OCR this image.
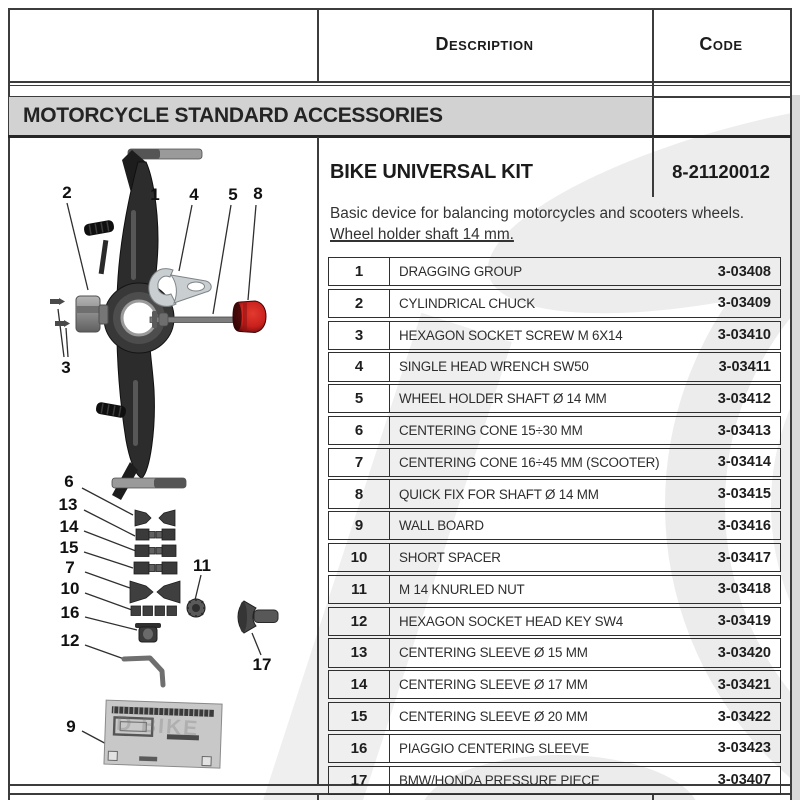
Description	Code
MOTORCYCLE STANDARD ACCESSORIES
BIKE UNIVERSAL KIT	8-21120012
Basic device for balancing motorcycles and scooters wheels.
Wheel holder shaft 14 mm.
1	DRAGGING GROUP	3-03408
2	CYLINDRICAL CHUCK	3-03409
3	HEXAGON SOCKET SCREW M 6X14	3-03410
4	SINGLE HEAD WRENCH SW50	3-03411
5	WHEEL HOLDER SHAFT Ø 14 MM	3-03412
6	CENTERING CONE 15÷30 MM	3-03413
7	CENTERING CONE 16÷45 MM (SCOOTER)	3-03414
8	QUICK FIX FOR SHAFT Ø 14 MM	3-03415
9	WALL BOARD	3-03416
10	SHORT SPACER	3-03417
11	M 14 KNURLED NUT	3-03418
12	HEXAGON SOCKET HEAD KEY SW4	3-03419
13	CENTERING SLEEVE Ø 15 MM	3-03420
14	CENTERING SLEEVE Ø 17 MM	3-03421
15	CENTERING SLEEVE Ø 20 MM	3-03422
16	PIAGGIO CENTERING SLEEVE	3-03423
17	BMW/HONDA PRESSURE PIECE	3-03407
2	1 4 5 8
3
6
13
14
15
7
10
16
12
11
17
9 D BIKE
